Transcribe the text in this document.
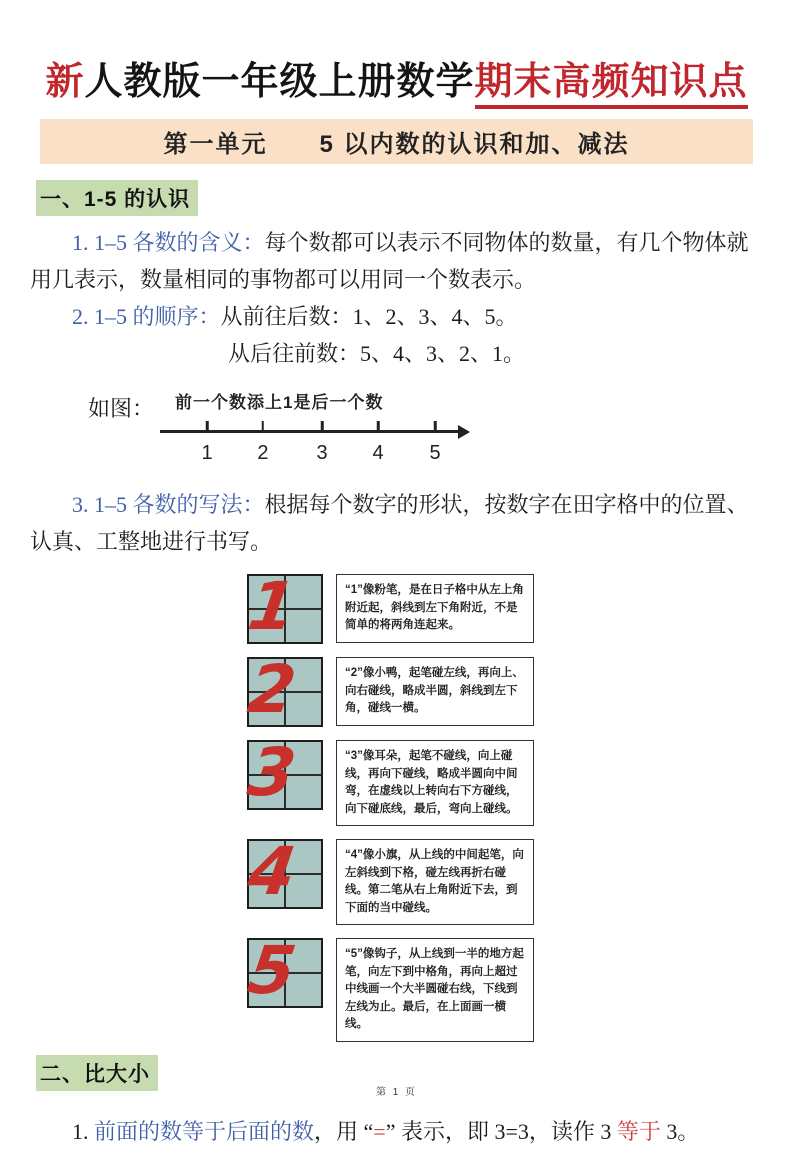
新人教版一年级上册数学期末高频知识点
第一单元　　5 以内数的认识和加、减法
一、1-5 的认识

1. 1–5 各数的含义：每个数都可以表示不同物体的数量，有几个物体就用几表示，数量相同的事物都可以用同一个数表示。

2. 1–5 的顺序：从前往后数：1、2、3、4、5。

从后往前数：5、4、3、2、1。
如图： 前一个数添上1是后一个数
1 2 3 4 5

3. 1–5 各数的写法：根据每个数字的形状，按数字在田字格中的位置、认真、工整地进行书写。

1	“1”像粉笔，是在日子格中从左上角附近起，斜线到左下角附近，不是简单的将两角连起来。
2	“2”像小鸭，起笔碰左线，再向上、向右碰线，略成半圆，斜线到左下角，碰线一横。
3	“3”像耳朵，起笔不碰线，向上碰线，再向下碰线，略成半圆向中间弯，在虚线以上转向右下方碰线，向下碰底线，最后，弯向上碰线。
4	“4”像小旗，从上线的中间起笔，向左斜线到下格，碰左线再折右碰线。第二笔从右上角附近下去，到下面的当中碰线。
5	“5”像钩子，从上线到一半的地方起笔，向左下到中格角，再向上超过中线画一个大半圆碰右线，下线到左线为止。最后，在上面画一横线。
二、比大小

1. 前面的数等于后面的数，用 “=” 表示，即 3=3，读作 3 等于 3。

第 1 页
